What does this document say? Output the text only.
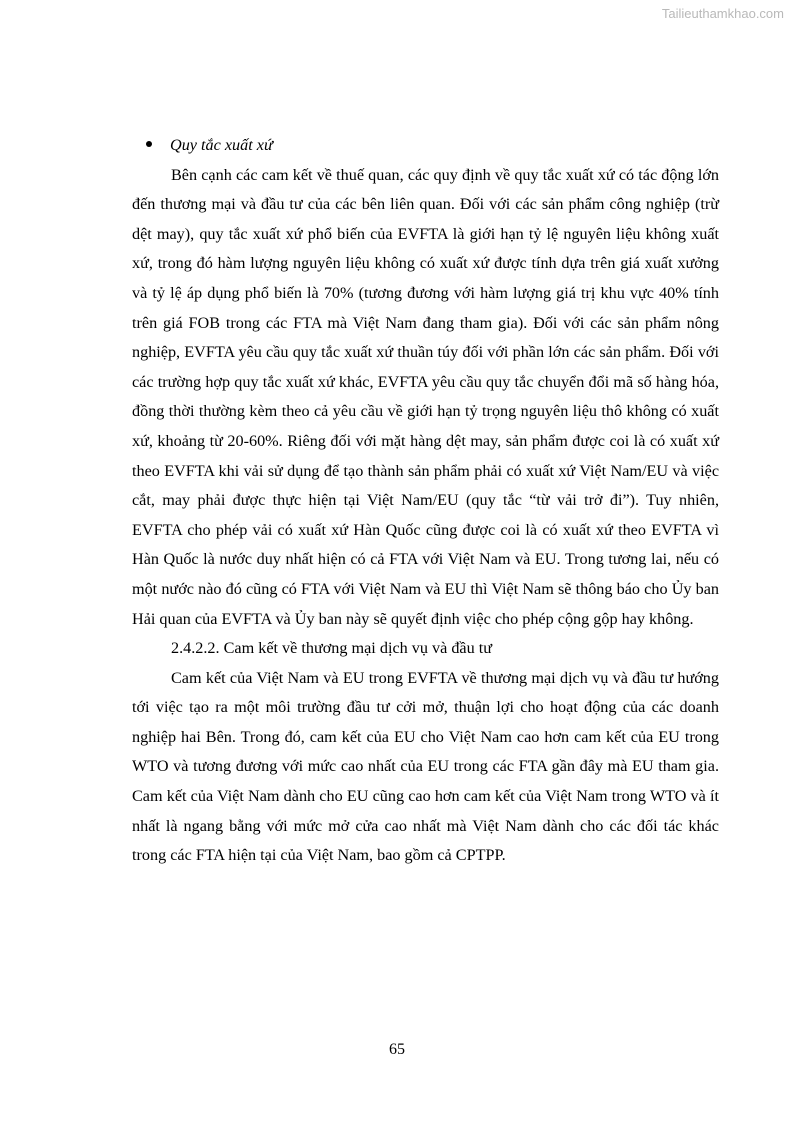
Tailieuthamkhao.com
Quy tắc xuất xứ

Bên cạnh các cam kết về thuế quan, các quy định về quy tắc xuất xứ có tác động lớn đến thương mại và đầu tư của các bên liên quan. Đối với các sản phẩm công nghiệp (trừ dệt may), quy tắc xuất xứ phổ biến của EVFTA là giới hạn tỷ lệ nguyên liệu không xuất xứ, trong đó hàm lượng nguyên liệu không có xuất xứ được tính dựa trên giá xuất xưởng và tỷ lệ áp dụng phổ biến là 70% (tương đương với hàm lượng giá trị khu vực 40% tính trên giá FOB trong các FTA mà Việt Nam đang tham gia). Đối với các sản phẩm nông nghiệp, EVFTA yêu cầu quy tắc xuất xứ thuần túy đối với phần lớn các sản phẩm. Đối với các trường hợp quy tắc xuất xứ khác, EVFTA yêu cầu quy tắc chuyển đổi mã số hàng hóa, đồng thời thường kèm theo cả yêu cầu về giới hạn tỷ trọng nguyên liệu thô không có xuất xứ, khoảng từ 20-60%. Riêng đối với mặt hàng dệt may, sản phẩm được coi là có xuất xứ theo EVFTA khi vải sử dụng để tạo thành sản phẩm phải có xuất xứ Việt Nam/EU và việc cắt, may phải được thực hiện tại Việt Nam/EU (quy tắc “từ vải trở đi”). Tuy nhiên, EVFTA cho phép vải có xuất xứ Hàn Quốc cũng được coi là có xuất xứ theo EVFTA vì Hàn Quốc là nước duy nhất hiện có cả FTA với Việt Nam và EU. Trong tương lai, nếu có một nước nào đó cũng có FTA với Việt Nam và EU thì Việt Nam sẽ thông báo cho Ủy ban Hải quan của EVFTA và Ủy ban này sẽ quyết định việc cho phép cộng gộp hay không.

2.4.2.2. Cam kết về thương mại dịch vụ và đầu tư

Cam kết của Việt Nam và EU trong EVFTA về thương mại dịch vụ và đầu tư hướng tới việc tạo ra một môi trường đầu tư cởi mở, thuận lợi cho hoạt động của các doanh nghiệp hai Bên. Trong đó, cam kết của EU cho Việt Nam cao hơn cam kết của EU trong WTO và tương đương với mức cao nhất của EU trong các FTA gần đây mà EU tham gia. Cam kết của Việt Nam dành cho EU cũng cao hơn cam kết của Việt Nam trong WTO và ít nhất là ngang bằng với mức mở cửa cao nhất mà Việt Nam dành cho các đối tác khác trong các FTA hiện tại của Việt Nam, bao gồm cả CPTPP.

65
